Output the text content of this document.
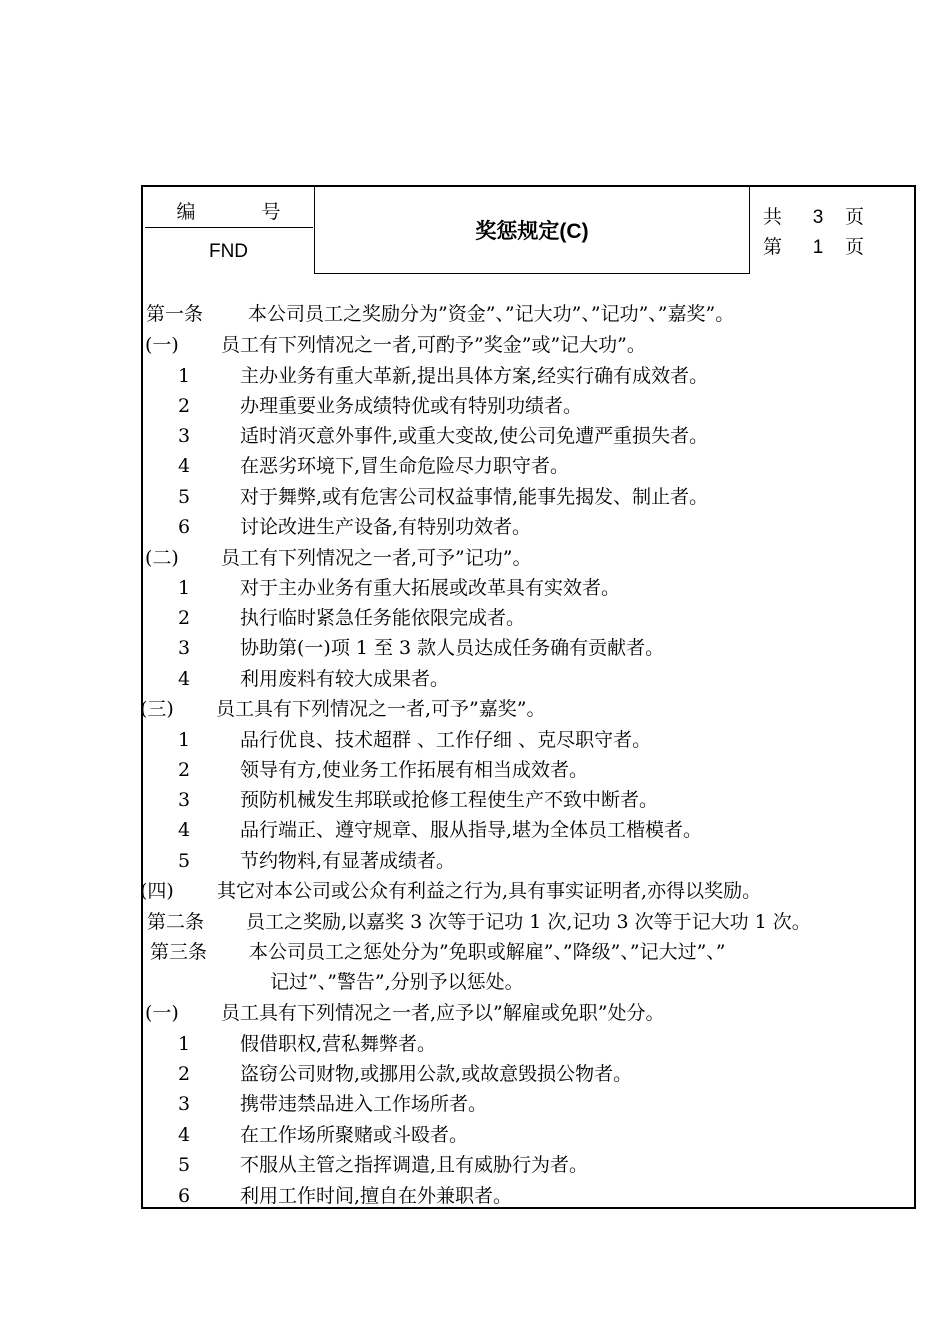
编 号
FND
奖惩规定(C)
共 3 页
第 1 页
第一条 本公司员工之奖励分为”资金”、”记大功”、”记功”、”嘉奖”。
(一) 员工有下列情况之一者,可酌予”奖金”或”记大功”。
1	主办业务有重大革新,提出具体方案,经实行确有成效者。
2	办理重要业务成绩特优或有特别功绩者。
3	适时消灭意外事件,或重大变故,使公司免遭严重损失者。
4	在恶劣环境下,冒生命危险尽力职守者。
5	对于舞弊,或有危害公司权益事情,能事先揭发、制止者。
6	讨论改进生产设备,有特别功效者。
(二) 员工有下列情况之一者,可予”记功”。
1	对于主办业务有重大拓展或改革具有实效者。
2	执行临时紧急任务能依限完成者。
3	协助第(一)项 1 至 3 款人员达成任务确有贡献者。
4	利用废料有较大成果者。
(三) 员工具有下列情况之一者,可予”嘉奖”。
1	品行优良、技术超群 、工作仔细 、克尽职守者。
2	领导有方,使业务工作拓展有相当成效者。
3	预防机械发生邦联或抢修工程使生产不致中断者。
4	品行端正、遵守规章、服从指导,堪为全体员工楷模者。
5	节约物料,有显著成绩者。
(四) 其它对本公司或公众有利益之行为,具有事实证明者,亦得以奖励。
第二条 员工之奖励,以嘉奖 3 次等于记功 1 次,记功 3 次等于记大功 1 次。
第三条 本公司员工之惩处分为”免职或解雇”、”降级”、”记大过”、”
记过”、”警告”,分别予以惩处。
(一) 员工具有下列情况之一者,应予以”解雇或免职”处分。
1	假借职权,营私舞弊者。
2	盗窃公司财物,或挪用公款,或故意毁损公物者。
3	携带违禁品进入工作场所者。
4	在工作场所聚赌或斗殴者。
5	不服从主管之指挥调遣,且有威胁行为者。
6	利用工作时间,擅自在外兼职者。
